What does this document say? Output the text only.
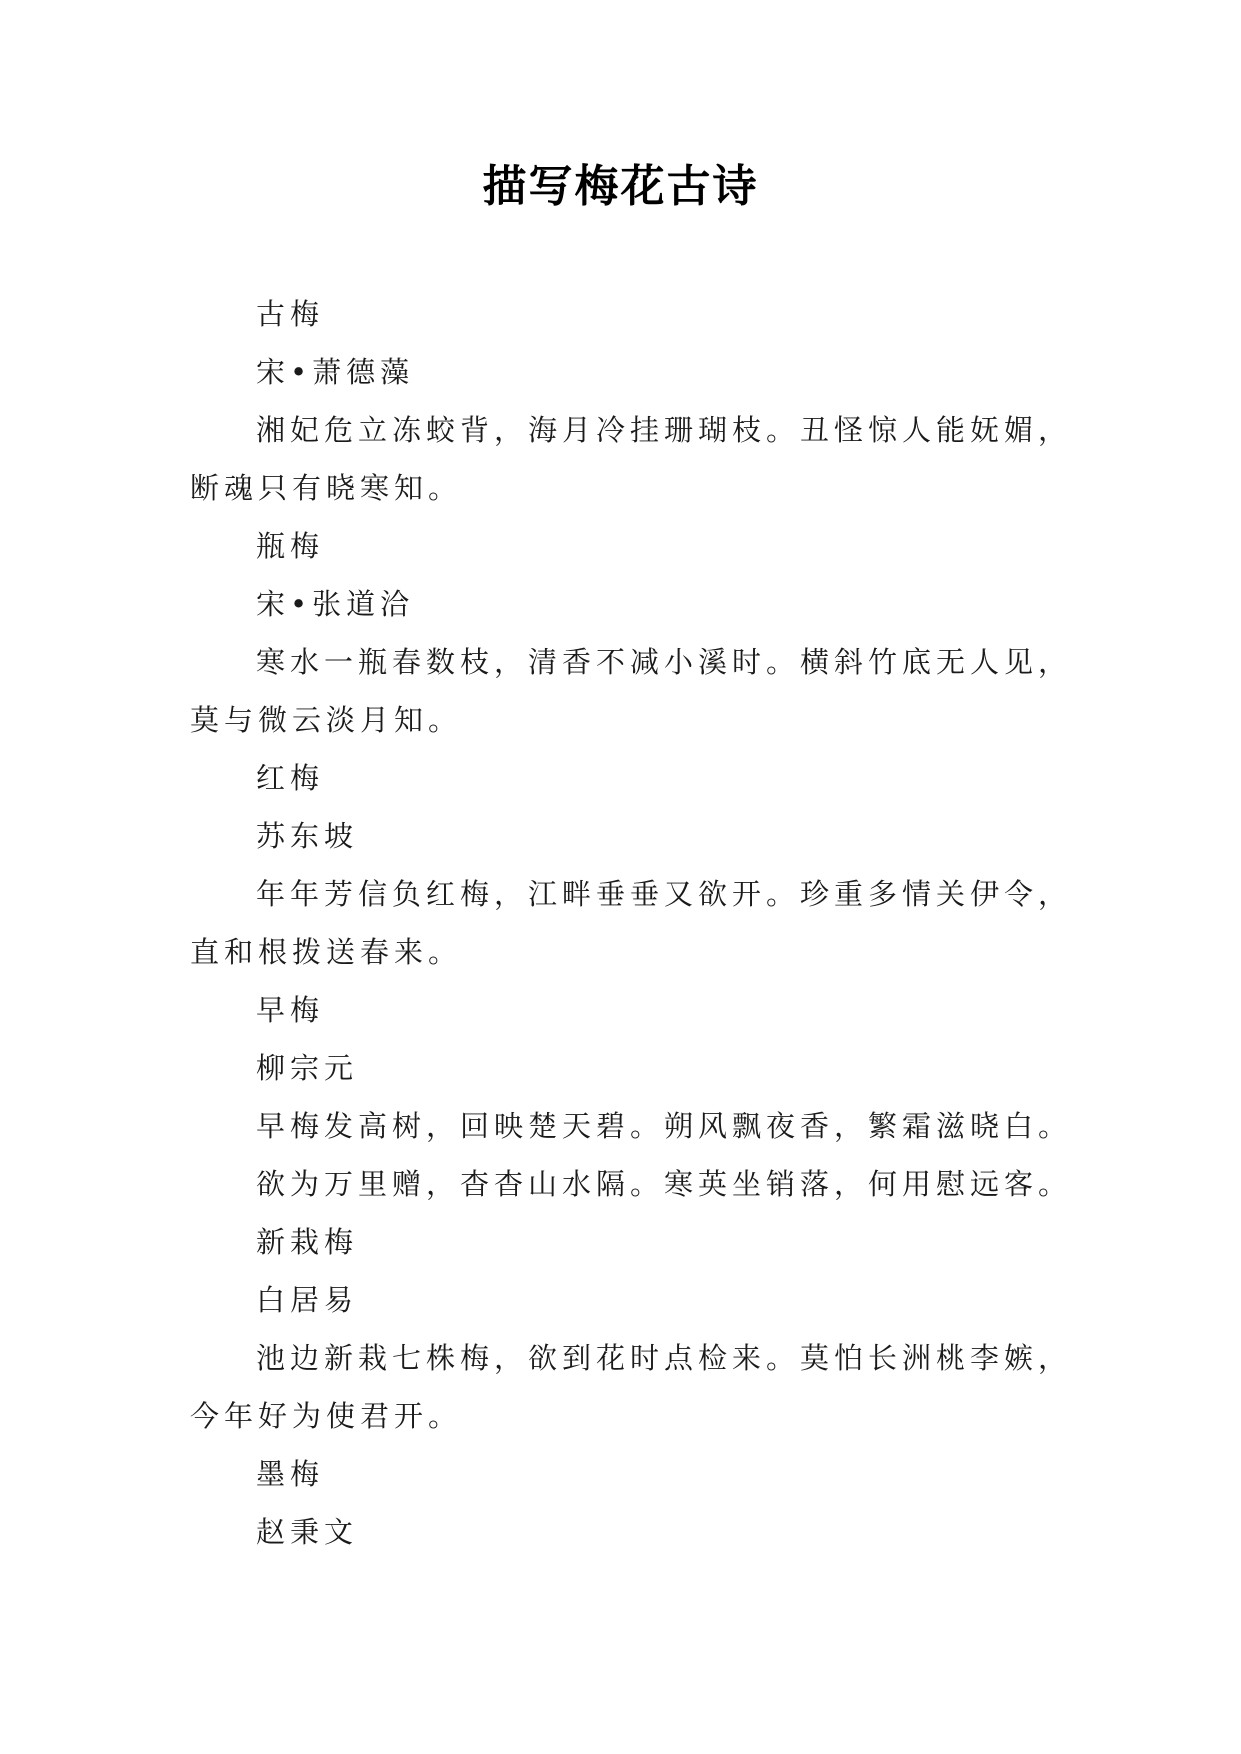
描写梅花古诗

古梅

宋•萧德藻

湘妃危立冻蛟背，海月冷挂珊瑚枝。丑怪惊人能妩媚，

断魂只有晓寒知。

瓶梅

宋•张道洽

寒水一瓶春数枝，清香不减小溪时。横斜竹底无人见，

莫与微云淡月知。

红梅

苏东坡

年年芳信负红梅，江畔垂垂又欲开。珍重多情关伊令，

直和根拨送春来。

早梅

柳宗元

早梅发高树，回映楚天碧。朔风飘夜香，繁霜滋晓白。

欲为万里赠，杳杳山水隔。寒英坐销落，何用慰远客。

新栽梅

白居易

池边新栽七株梅，欲到花时点检来。莫怕长洲桃李嫉，

今年好为使君开。

墨梅

赵秉文
